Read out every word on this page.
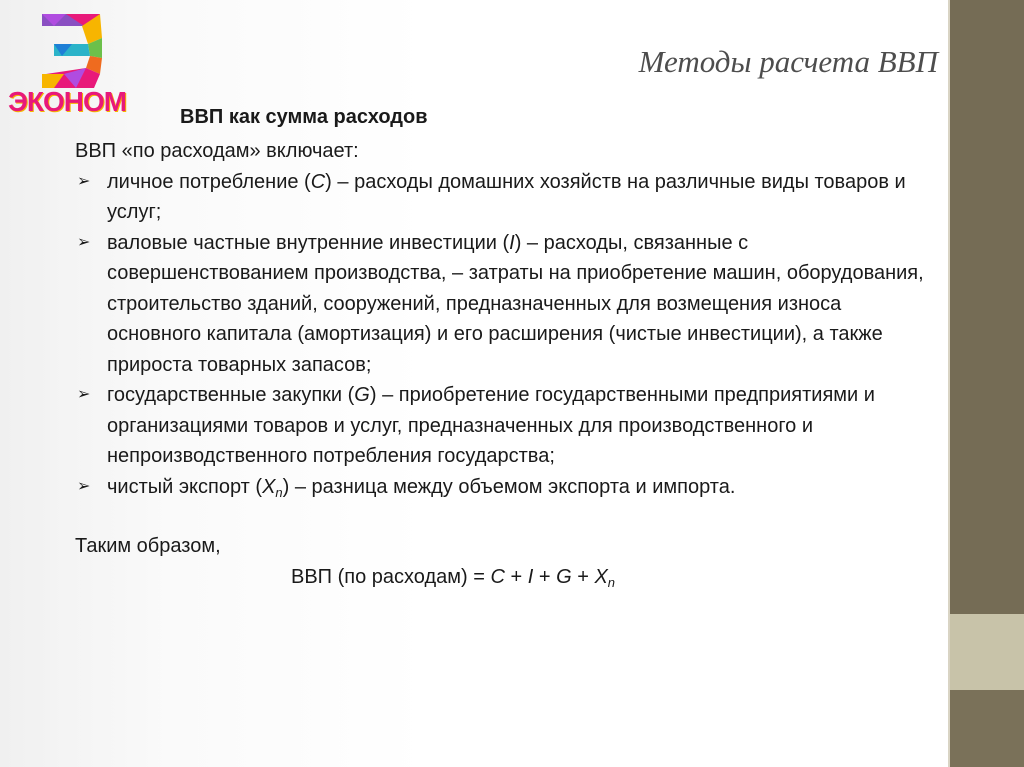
ЭКОНОМ
Методы расчета ВВП
ВВП как сумма расходов
ВВП «по расходам» включает:
➢ личное потребление (C) – расходы домашних хозяйств на различные виды товаров и услуг;
➢ валовые частные внутренние инвестиции (I) – расходы, связанные с совершенствованием производства, – затраты на приобретение машин, оборудования, строительство зданий, сооружений, предназначенных для возмещения износа основного капитала (амортизация) и его расширения (чистые инвестиции), а также прироста товарных запасов;
➢ государственные закупки (G) – приобретение государственными предприятиями и организациями товаров и услуг, предназначенных для производственного и непроизводственного потребления государства;
➢ чистый экспорт $(X_n)$ – разница между объемом экспорта и импорта.
Таким образом,
ВВП (по расходам) = $C + I + G + X_n$
